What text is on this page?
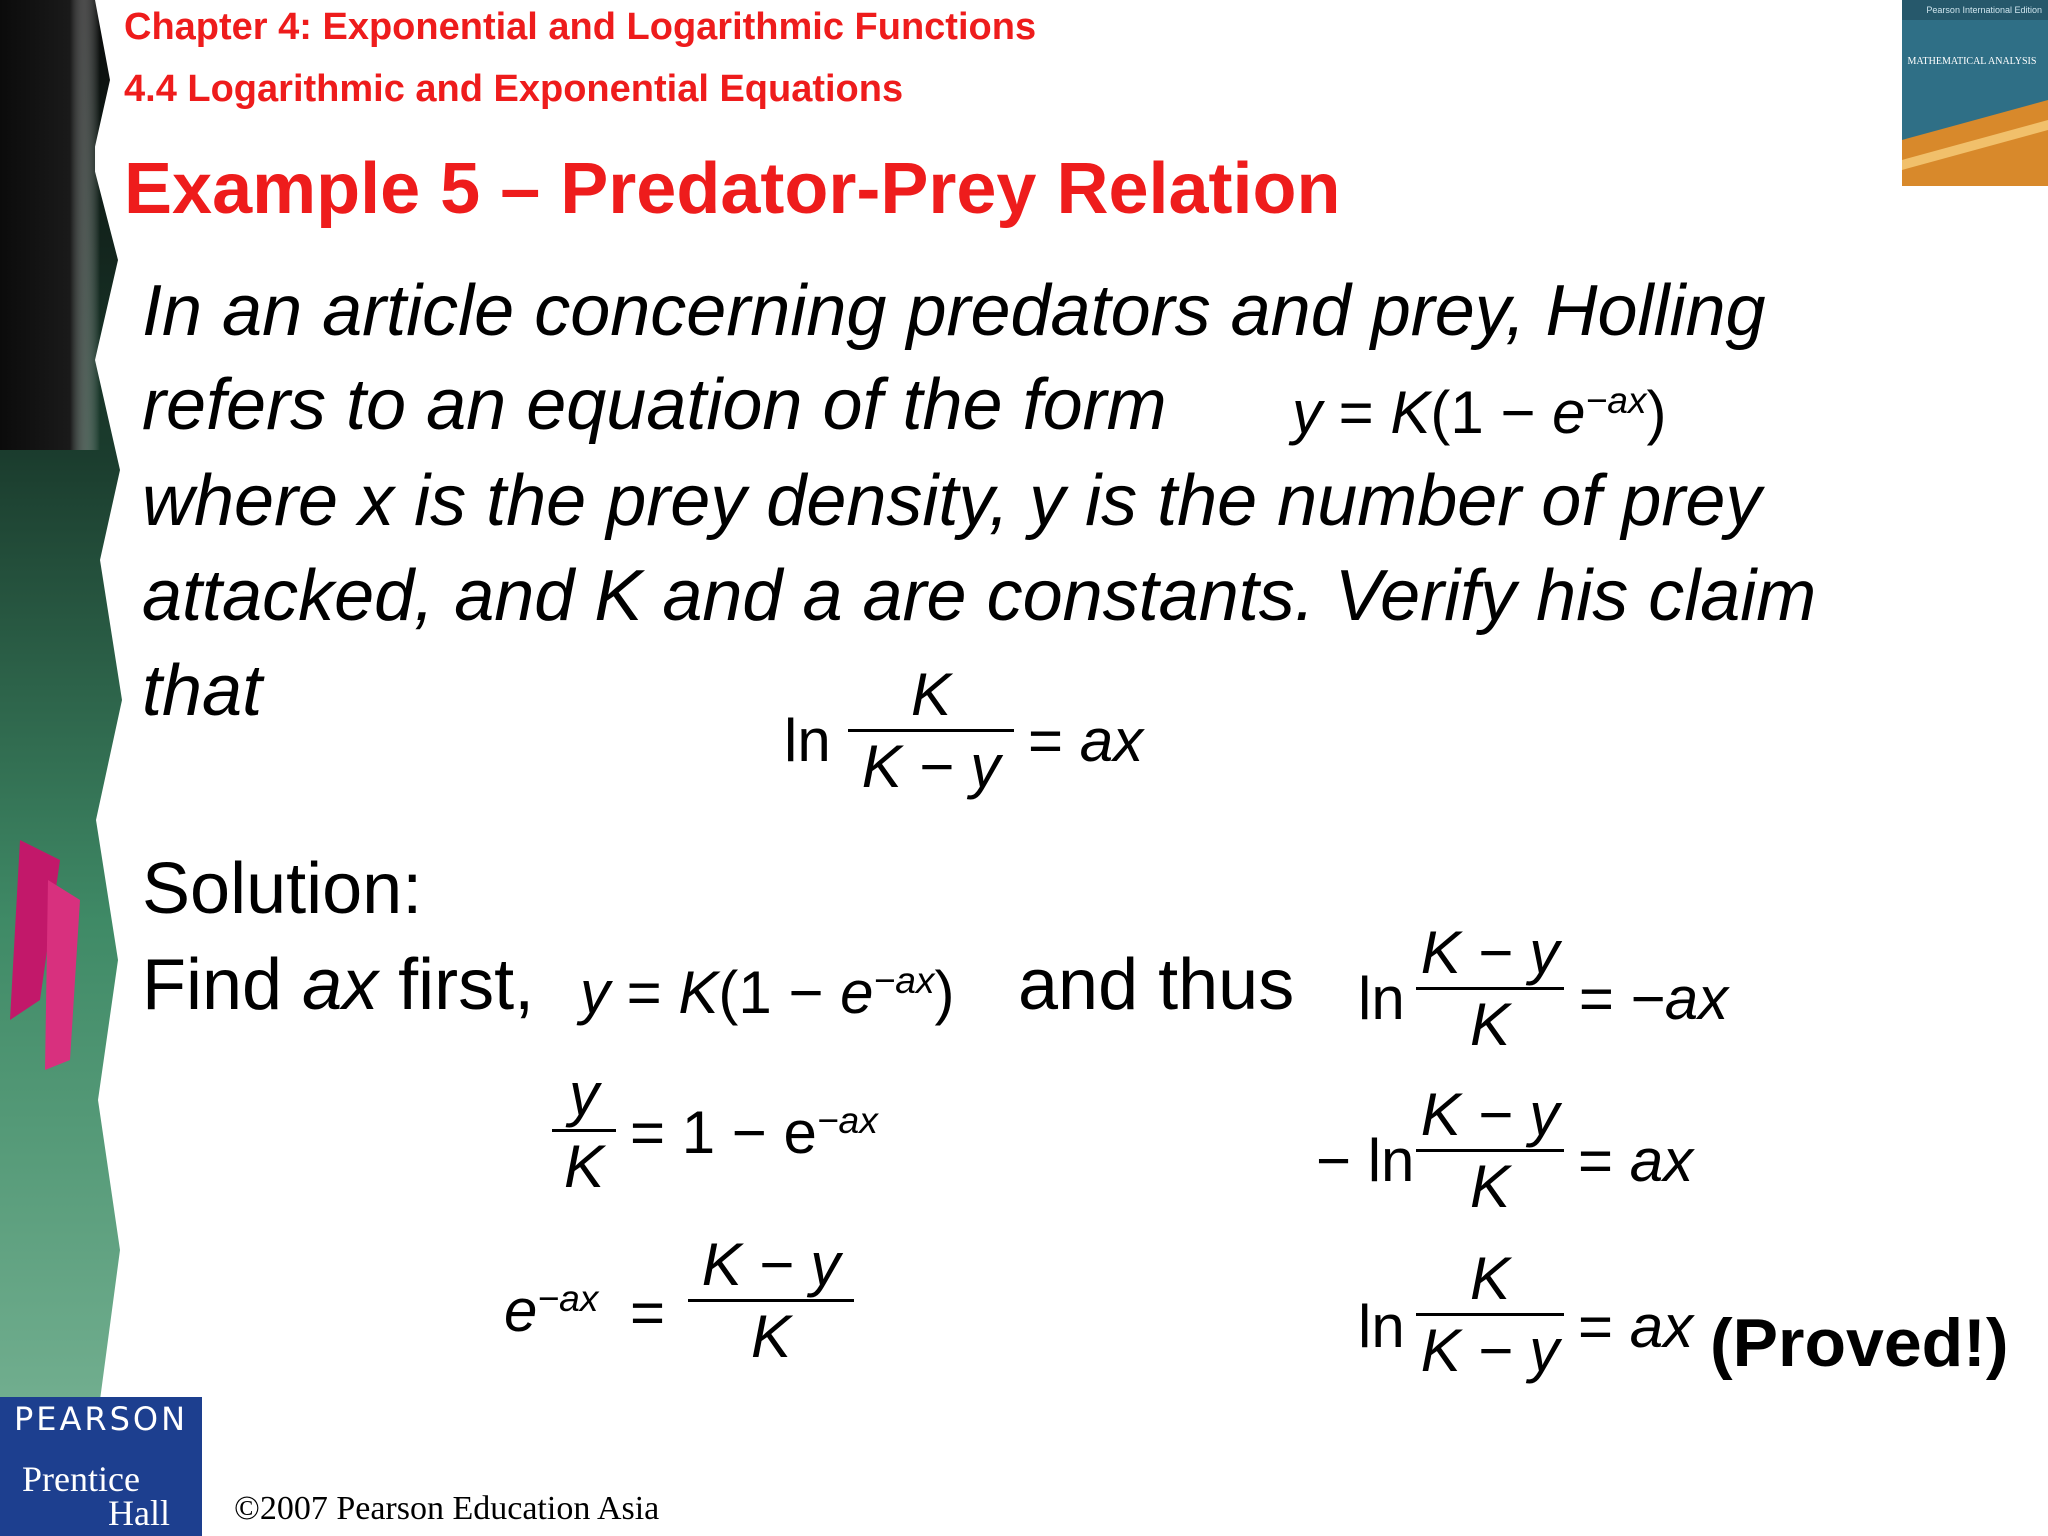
Chapter 4: Exponential and Logarithmic Functions
4.4 Logarithmic and Exponential Equations
Example 5 – Predator-Prey Relation
Pearson International Edition
MATHEMATICAL ANALYSIS
In an article concerning predators and prey, Holling
refers to an equation of the form $y = K(1 - e^{-ax})$
where x is the prey density, y is the number of prey
attacked, and K and a are constants. Verify his claim
that
ln
K
K − y = ax
Solution:
Find ax first, $y = K(1 - e^{-ax})$ and thus
y
K
= $1 - e^{-ax}$
$e^{-ax}$ =
K − y
K
ln
K − y
K	= −ax
− ln
K − y
K	= ax
ln
K
K − y = ax (Proved!)
PEARSON
Prentice
Hall ©2007 Pearson Education Asia
